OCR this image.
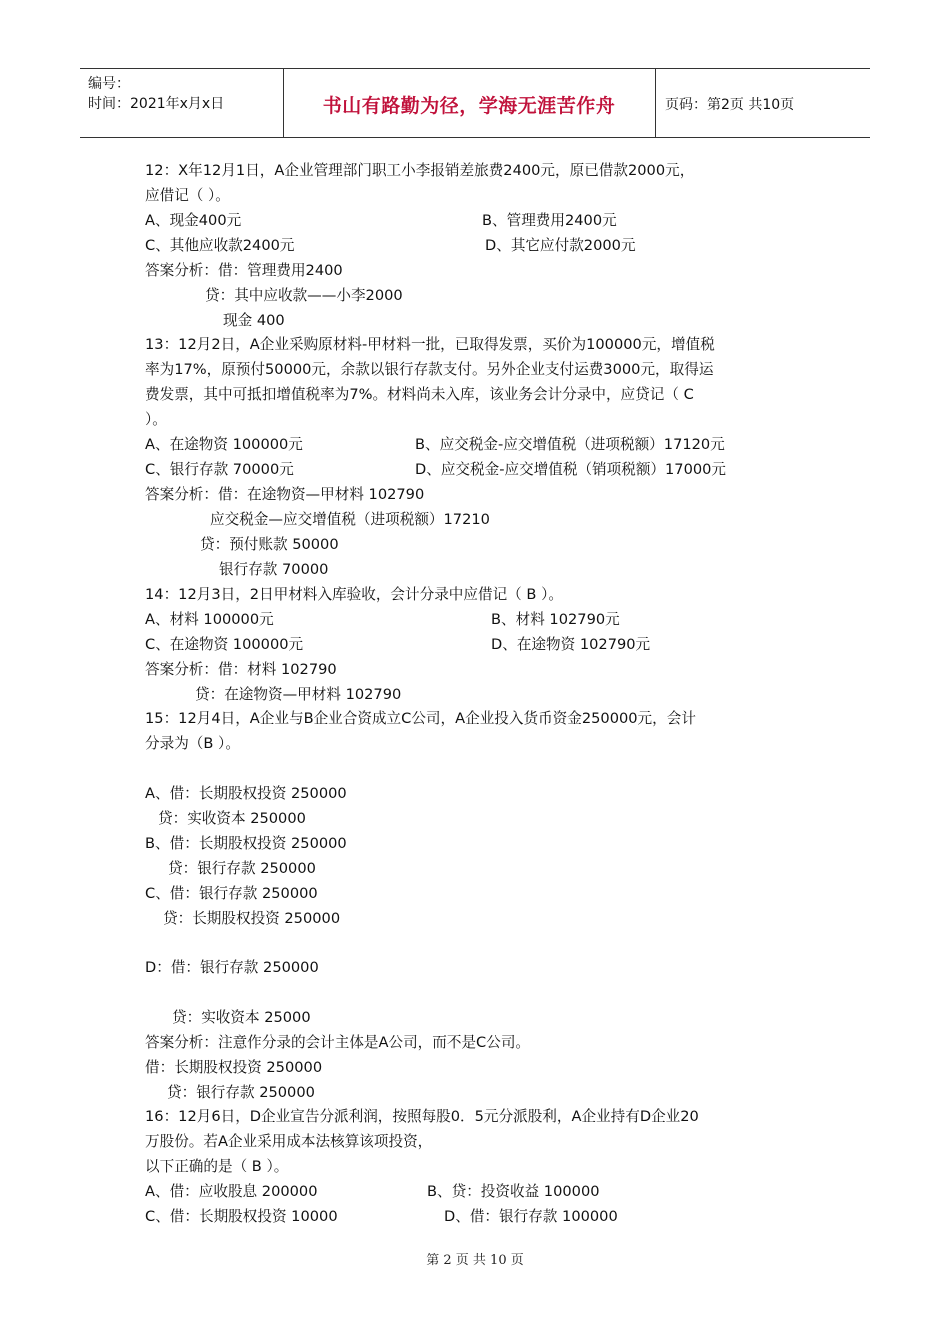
编号：
时间：2021年x月x日	书山有路勤为径，学海无涯苦作舟	页码：第2页 共10页
12：X年12月1日，A企业管理部门职工小李报销差旅费2400元，原已借款2000元，
应借记（ ）。
A、现金400元	B、管理费用2400元
C、其他应收款2400元	D、其它应付款2000元
答案分析：借：管理费用2400
贷：其中应收款——小李2000
现金 400
13：12月2日，A企业采购原材料-甲材料一批，已取得发票，买价为100000元，增值税
率为17%，原预付50000元，余款以银行存款支付。另外企业支付运费3000元，取得运
费发票，其中可抵扣增值税率为7%。材料尚未入库，该业务会计分录中，应贷记（ C
）。
A、在途物资 100000元	B、应交税金-应交增值税（进项税额）17120元
C、银行存款 70000元	D、应交税金-应交增值税（销项税额）17000元
答案分析：借：在途物资—甲材料 102790
应交税金—应交增值税（进项税额）17210
贷：预付账款 50000
银行存款 70000
14：12月3日，2日甲材料入库验收，会计分录中应借记（ B ）。
A、材料 100000元	B、材料 102790元
C、在途物资 100000元	D、在途物资 102790元
答案分析：借：材料 102790
贷：在途物资—甲材料 102790
15：12月4日，A企业与B企业合资成立C公司，A企业投入货币资金250000元，会计
分录为（B ）。
A、借：长期股权投资 250000
贷：实收资本 250000
B、借：长期股权投资 250000
贷：银行存款 250000
C、借：银行存款 250000
贷：长期股权投资 250000
D：借：银行存款 250000
贷：实收资本 25000
答案分析：注意作分录的会计主体是A公司，而不是C公司。
借：长期股权投资 250000
贷：银行存款 250000
16：12月6日，D企业宣告分派利润，按照每股0．5元分派股利，A企业持有D企业20
万股份。若A企业采用成本法核算该项投资，
以下正确的是（ B ）。
A、借：应收股息 200000	B、贷：投资收益 100000
C、借：长期股权投资 10000	D、借：银行存款 100000
第 2 页 共 10 页
